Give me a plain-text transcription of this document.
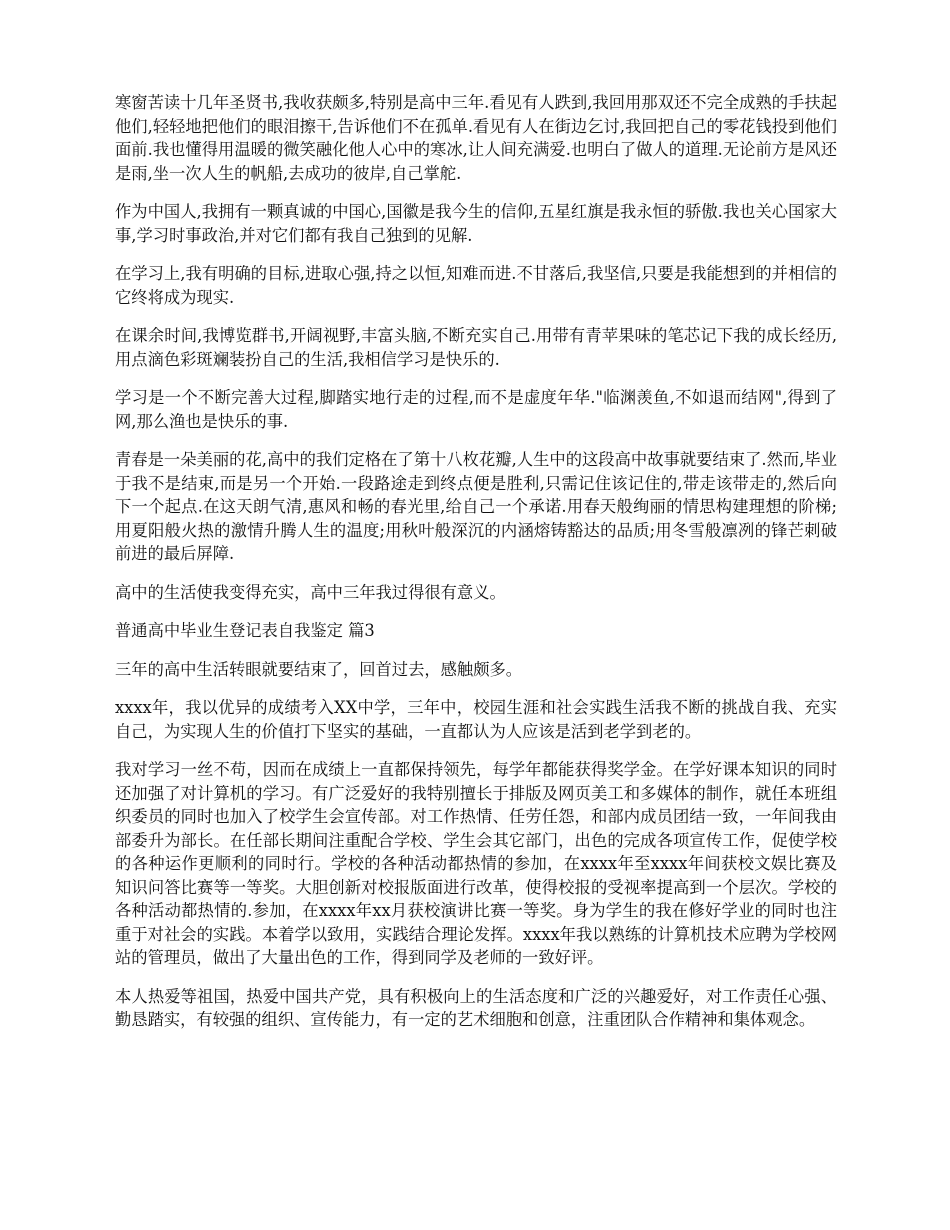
寒窗苦读十几年圣贤书,我收获颇多,特别是高中三年.看见有人跌到,我回用那双还不完全成熟的手扶起他们,轻轻地把他们的眼泪擦干,告诉他们不在孤单.看见有人在街边乞讨,我回把自己的零花钱投到他们面前.我也懂得用温暖的微笑融化他人心中的寒冰,让人间充满爱.也明白了做人的道理.无论前方是风还是雨,坐一次人生的帆船,去成功的彼岸,自己掌舵.

作为中国人,我拥有一颗真诚的中国心,国徽是我今生的信仰,五星红旗是我永恒的骄傲.我也关心国家大事,学习时事政治,并对它们都有我自己独到的见解.

在学习上,我有明确的目标,进取心强,持之以恒,知难而进.不甘落后,我坚信,只要是我能想到的并相信的它终将成为现实.

在课余时间,我博览群书,开阔视野,丰富头脑,不断充实自己.用带有青苹果味的笔芯记下我的成长经历,用点滴色彩斑斓装扮自己的生活,我相信学习是快乐的.

学习是一个不断完善大过程,脚踏实地行走的过程,而不是虚度年华."临渊羡鱼,不如退而结网",得到了网,那么渔也是快乐的事.

青春是一朵美丽的花,高中的我们定格在了第十八枚花瓣,人生中的这段高中故事就要结束了.然而,毕业于我不是结束,而是另一个开始.一段路途走到终点便是胜利,只需记住该记住的,带走该带走的,然后向下一个起点.在这天朗气清,惠风和畅的春光里,给自己一个承诺.用春天般绚丽的情思构建理想的阶梯;用夏阳般火热的激情升腾人生的温度;用秋叶般深沉的内涵熔铸豁达的品质;用冬雪般凛冽的锋芒刺破前进的最后屏障.

高中的生活使我变得充实，高中三年我过得很有意义。

普通高中毕业生登记表自我鉴定 篇3

三年的高中生活转眼就要结束了，回首过去，感触颇多。

xxxx年，我以优异的成绩考入XX中学，三年中，校园生涯和社会实践生活我不断的挑战自我、充实自己，为实现人生的价值打下坚实的基础，一直都认为人应该是活到老学到老的。

我对学习一丝不苟，因而在成绩上一直都保持领先，每学年都能获得奖学金。在学好课本知识的同时还加强了对计算机的学习。有广泛爱好的我特别擅长于排版及网页美工和多媒体的制作，就任本班组织委员的同时也加入了校学生会宣传部。对工作热情、任劳任怨，和部内成员团结一致，一年间我由部委升为部长。在任部长期间注重配合学校、学生会其它部门，出色的完成各项宣传工作，促使学校的各种运作更顺利的同时行。学校的各种活动都热情的参加，在xxxx年至xxxx年间获校文娱比赛及知识问答比赛等一等奖。大胆创新对校报版面进行改革，使得校报的受视率提高到一个层次。学校的各种活动都热情的.参加，在xxxx年xx月获校演讲比赛一等奖。身为学生的我在修好学业的同时也注重于对社会的实践。本着学以致用，实践结合理论发挥。xxxx年我以熟练的计算机技术应聘为学校网站的管理员，做出了大量出色的工作，得到同学及老师的一致好评。

本人热爱等祖国，热爱中国共产党，具有积极向上的生活态度和广泛的兴趣爱好，对工作责任心强、勤恳踏实，有较强的组织、宣传能力，有一定的艺术细胞和创意，注重团队合作精神和集体观念。
